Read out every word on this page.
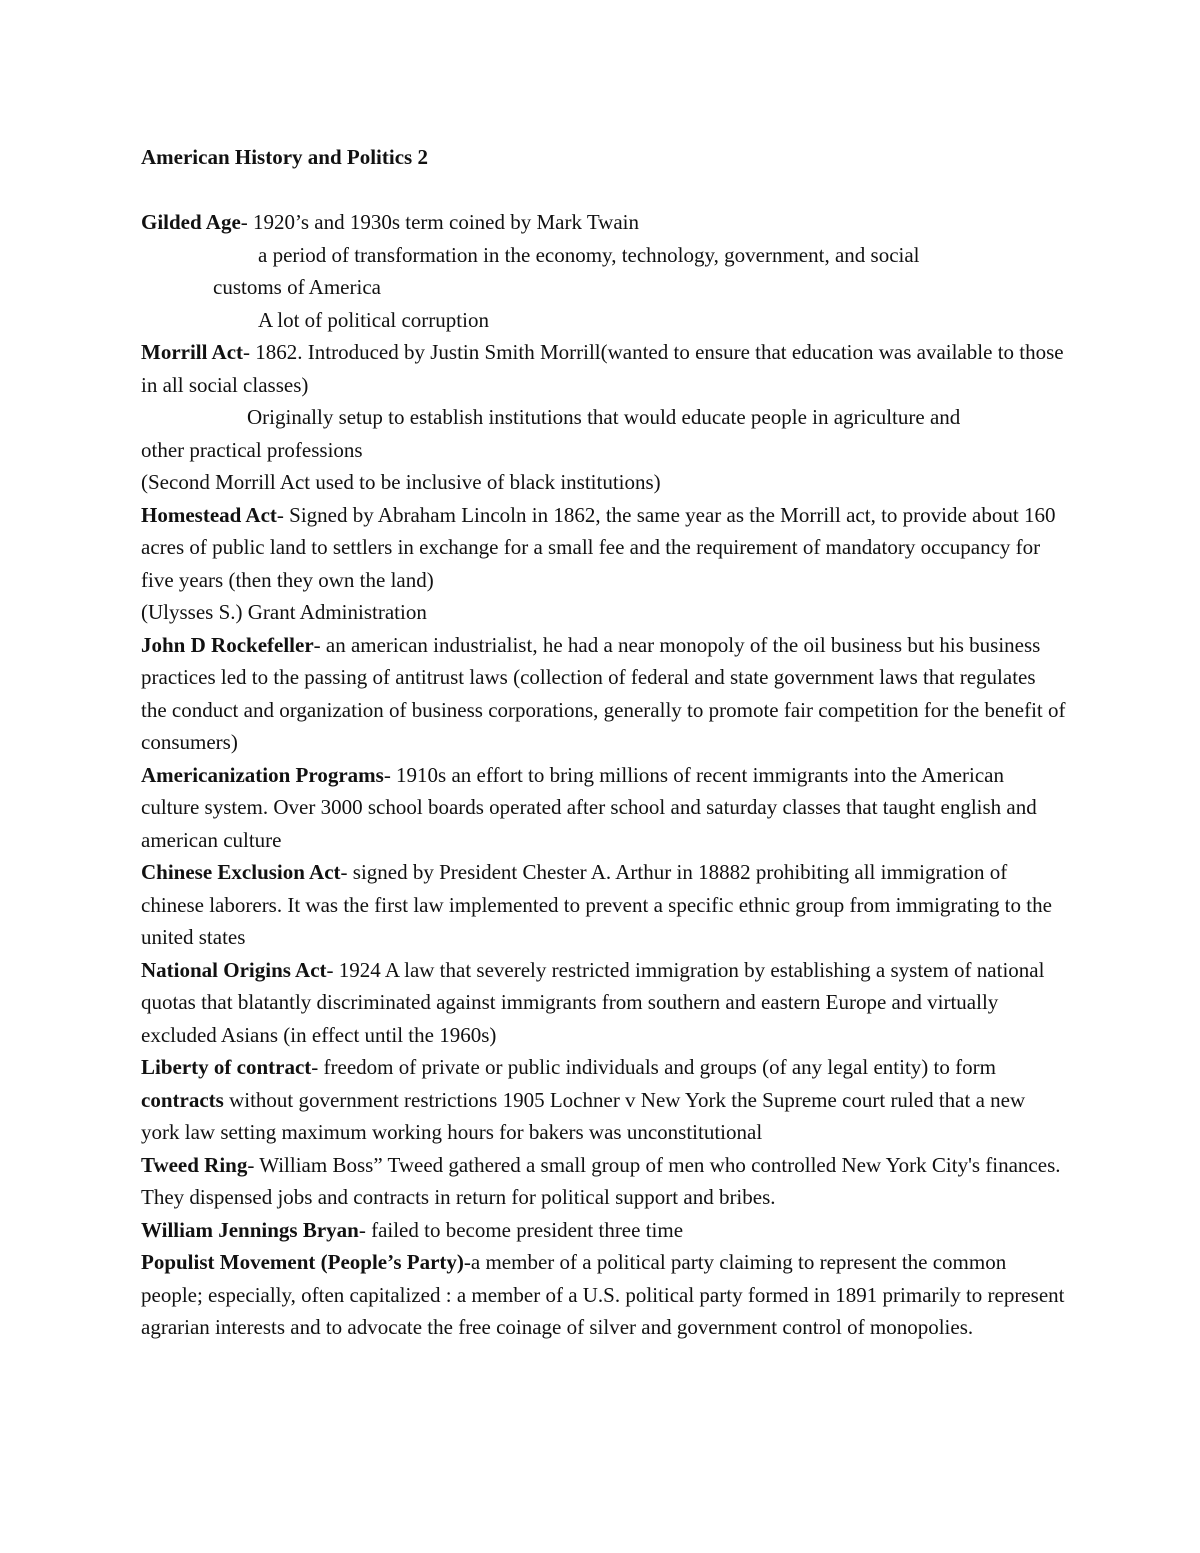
American History and Politics 2

Gilded Age- 1920’s and 1930s term coined by Mark Twain

a period of transformation in the economy, technology, government, and social

customs of America

A lot of political corruption

Morrill Act- 1862. Introduced by Justin Smith Morrill(wanted to ensure that education was available to those in all social classes)

Originally setup to establish institutions that would educate people in agriculture and

other practical professions

(Second Morrill Act used to be inclusive of black institutions)

Homestead Act- Signed by Abraham Lincoln in 1862, the same year as the Morrill act, to provide about 160 acres of public land to settlers in exchange for a small fee and the requirement of mandatory occupancy for five years (then they own the land)

(Ulysses S.) Grant Administration

John D Rockefeller- an american industrialist, he had a near monopoly of the oil business but his business practices led to the passing of antitrust laws (collection of federal and state government laws that regulates the conduct and organization of business corporations, generally to promote fair competition for the benefit of consumers)

Americanization Programs- 1910s an effort to bring millions of recent immigrants into the American culture system. Over 3000 school boards operated after school and saturday classes that taught english and american culture

Chinese Exclusion Act- signed by President Chester A. Arthur in 18882 prohibiting all immigration of chinese laborers. It was the first law implemented to prevent a specific ethnic group from immigrating to the united states

National Origins Act- 1924 A law that severely restricted immigration by establishing a system of national quotas that blatantly discriminated against immigrants from southern and eastern Europe and virtually excluded Asians (in effect until the 1960s)

Liberty of contract- freedom of private or public individuals and groups (of any legal entity) to form contracts without government restrictions 1905 Lochner v New York the Supreme court ruled that a new york law setting maximum working hours for bakers was unconstitutional

Tweed Ring- William Boss” Tweed gathered a small group of men who controlled New York City's finances. They dispensed jobs and contracts in return for political support and bribes.

William Jennings Bryan- failed to become president three time

Populist Movement (People’s Party)-a member of a political party claiming to represent the common people; especially, often capitalized : a member of a U.S. political party formed in 1891 primarily to represent agrarian interests and to advocate the free coinage of silver and government control of monopolies.
